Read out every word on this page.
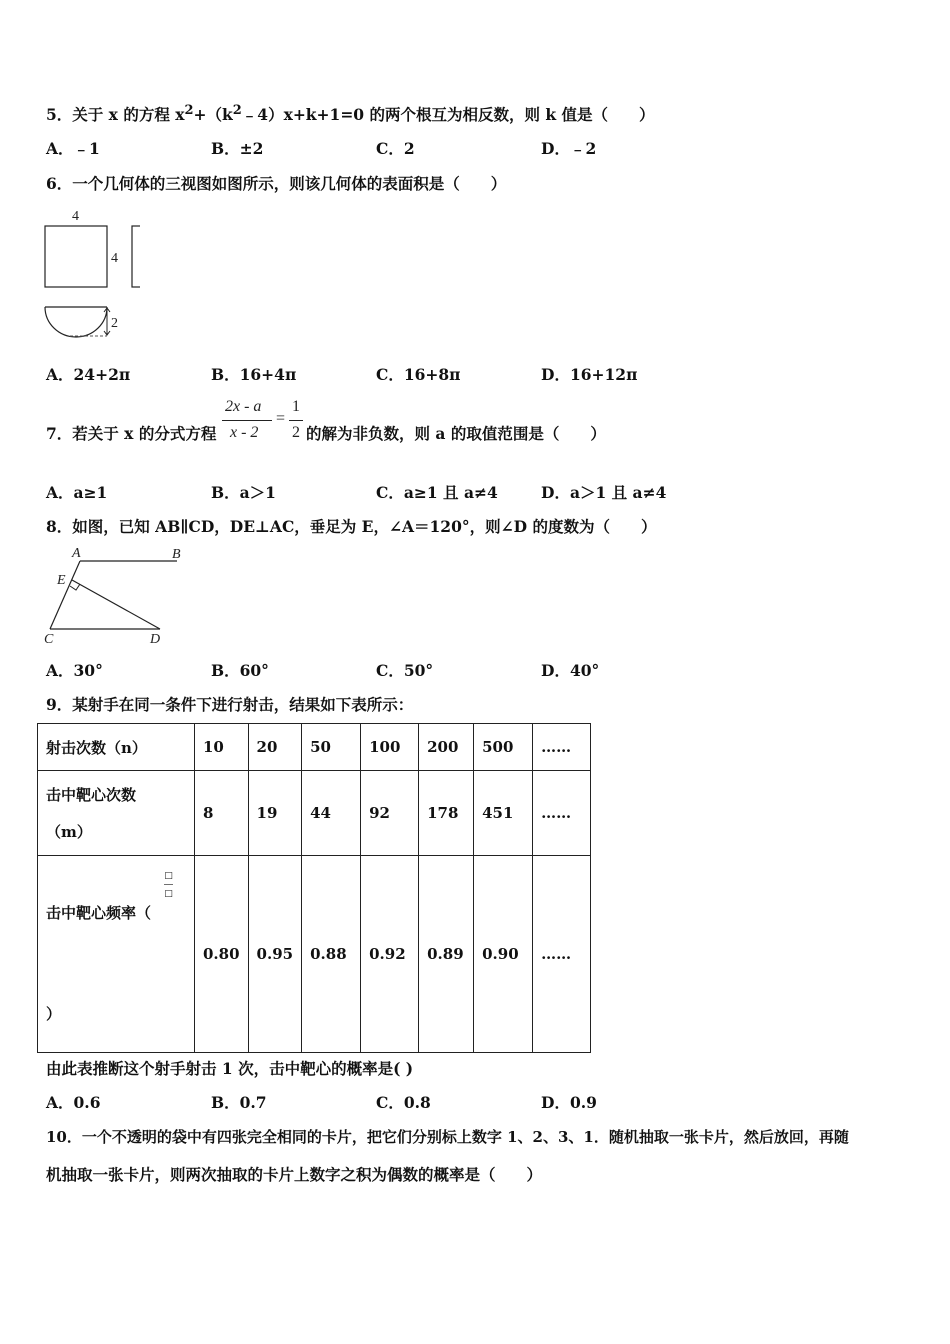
5．关于 x 的方程 $x^2+(k^2﹣4)x+k+1=0$ 的两个根互为相反数，则 k 值是（　　）
A．﹣1	B．±2	C．2	D．﹣2
6．一个几何体的三视图如图所示，则该几何体的表面积是（　　）
4
4
2
A．24+2π	B．16+4π	C．16+8π	D．16+12π
7．若关于 x 的分式方程
2x - a
x - 2
=
1
2 的解为非负数，则 a 的取值范围是（　　）
A．a≥1	B．a＞1	C．a≥1 且 a≠4	D．a＞1 且 a≠4
8．如图，已知 AB∥CD，DE⊥AC，垂足为 E，∠A＝120°，则∠D 的度数为（　　）
A	B
E
C	D
A．30°	B．60°	C．50°	D．40°
9．某射手在同一条件下进行射击，结果如下表所示：
射击次数（n）	10	20	50	100	200	500	……

击中靶心次数
（m）	8	19	44	92	178	451	……

□
―
□
击中靶心频率（
）	0.80	0.95	0.88	0.92	0.89	0.90	……
由此表推断这个射手射击 1 次，击中靶心的概率是( )
A．0.6	B．0.7	C．0.8	D．0.9
10．一个不透明的袋中有四张完全相同的卡片，把它们分别标上数字 1、2、3、1．随机抽取一张卡片，然后放回，再随
机抽取一张卡片，则两次抽取的卡片上数字之积为偶数的概率是（　　）
